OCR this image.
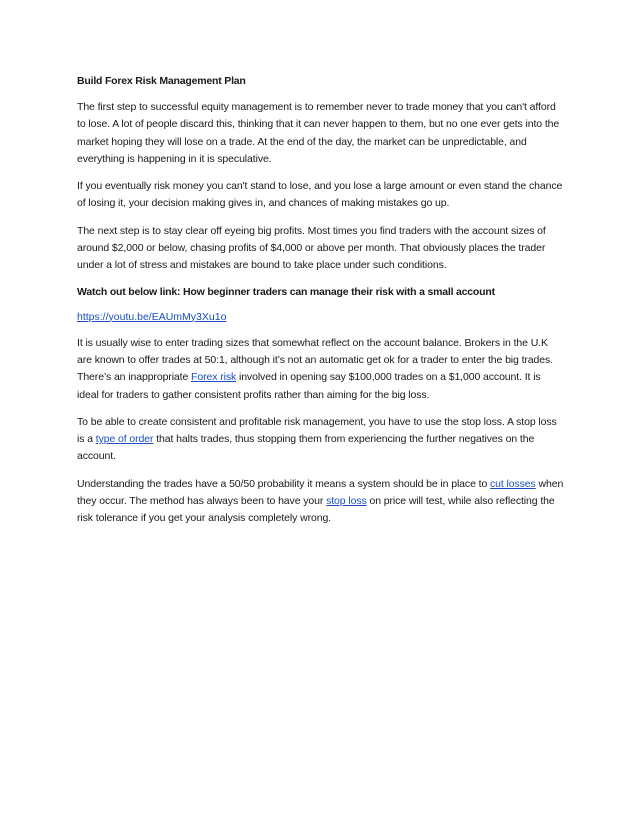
Build Forex Risk Management Plan
The first step to successful equity management is to remember never to trade money that you can't afford to lose. A lot of people discard this, thinking that it can never happen to them, but no one ever gets into the market hoping they will lose on a trade. At the end of the day, the market can be unpredictable, and everything is happening in it is speculative.
If you eventually risk money you can't stand to lose, and you lose a large amount or even stand the chance of losing it, your decision making gives in, and chances of making mistakes go up.
The next step is to stay clear off eyeing big profits. Most times you find traders with the account sizes of around $2,000 or below, chasing profits of $4,000 or above per month. That obviously places the trader under a lot of stress and mistakes are bound to take place under such conditions.
Watch out below link: How beginner traders can manage their risk with a small account
https://youtu.be/EAUmMy3Xu1o
It is usually wise to enter trading sizes that somewhat reflect on the account balance. Brokers in the U.K are known to offer trades at 50:1, although it’s not an automatic get ok for a trader to enter the big trades. There’s an inappropriate Forex risk involved in opening say $100,000 trades on a $1,000 account. It is ideal for traders to gather consistent profits rather than aiming for the big loss.
To be able to create consistent and profitable risk management, you have to use the stop loss. A stop loss is a type of order that halts trades, thus stopping them from experiencing the further negatives on the account.
Understanding the trades have a 50/50 probability it means a system should be in place to cut losses when they occur. The method has always been to have your stop loss on price will test, while also reflecting the risk tolerance if you get your analysis completely wrong.
